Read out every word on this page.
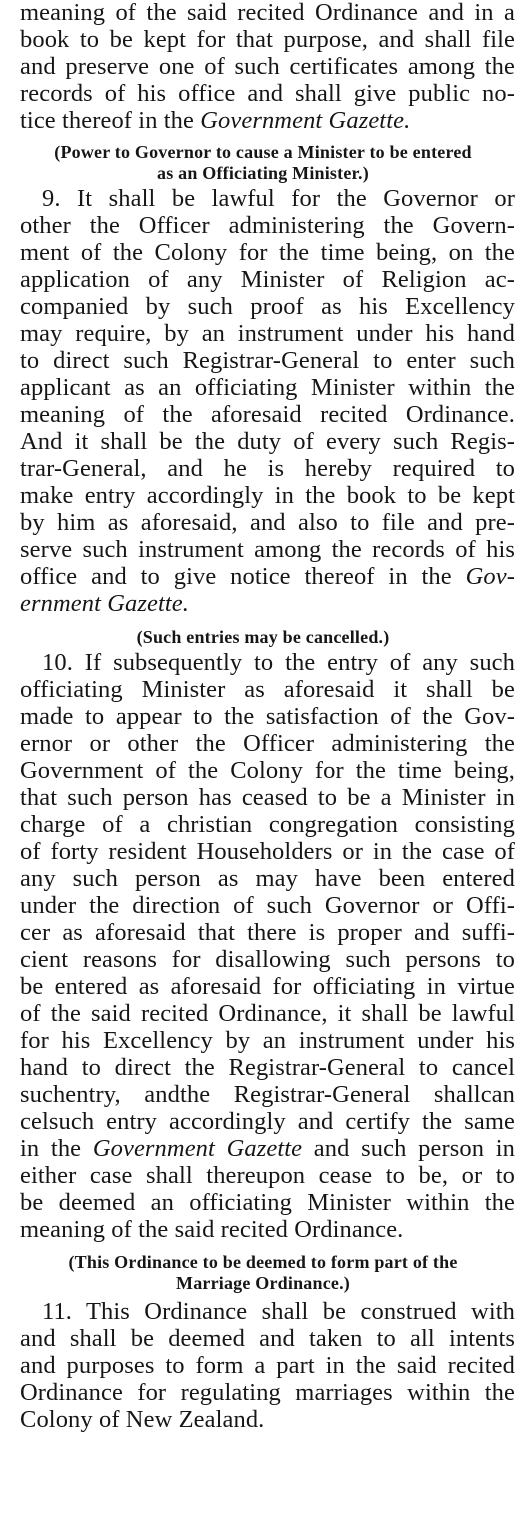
meaning of the said recited Ordinance and in a

book to be kept for that purpose, and shall file

and preserve one of such certificates among the

records of his office and shall give public no-

tice thereof in the Government Gazette.

(Power to Governor to cause a Minister to be entered

as an Officiating Minister.)

9. It shall be lawful for the Governor or

other the Officer administering the Govern-

ment of the Colony for the time being, on the

application of any Minister of Religion ac-

companied by such proof as his Excellency

may require, by an instrument under his hand

to direct such Registrar-General to enter such

applicant as an officiating Minister within the

meaning of the aforesaid recited Ordinance.

And it shall be the duty of every such Regis-

trar-General, and he is hereby required to

make entry accordingly in the book to be kept

by him as aforesaid, and also to file and pre-

serve such instrument among the records of his

office and to give notice thereof in the Gov-

ernment Gazette.

(Such entries may be cancelled.)

10. If subsequently to the entry of any such

officiating Minister as aforesaid it shall be

made to appear to the satisfaction of the Gov-

ernor or other the Officer administering the

Government of the Colony for the time being,

that such person has ceased to be a Minister in

charge of a christian congregation consisting

of forty resident Householders or in the case of

any such person as may have been entered

under the direction of such Governor or Offi-

cer as aforesaid that there is proper and suffi-

cient reasons for disallowing such persons to

be entered as aforesaid for officiating in virtue

of the said recited Ordinance, it shall be lawful

for his Excellency by an instrument under his

hand to direct the Registrar-General to cancel

suchentry, andthe Registrar-General shallcan

celsuch entry accordingly and certify the same

in the Government Gazette and such person in

either case shall thereupon cease to be, or to

be deemed an officiating Minister within the

meaning of the said recited Ordinance.

(This Ordinance to be deemed to form part of the

Marriage Ordinance.)

11. This Ordinance shall be construed with

and shall be deemed and taken to all intents

and purposes to form a part in the said recited

Ordinance for regulating marriages within the

Colony of New Zealand.
